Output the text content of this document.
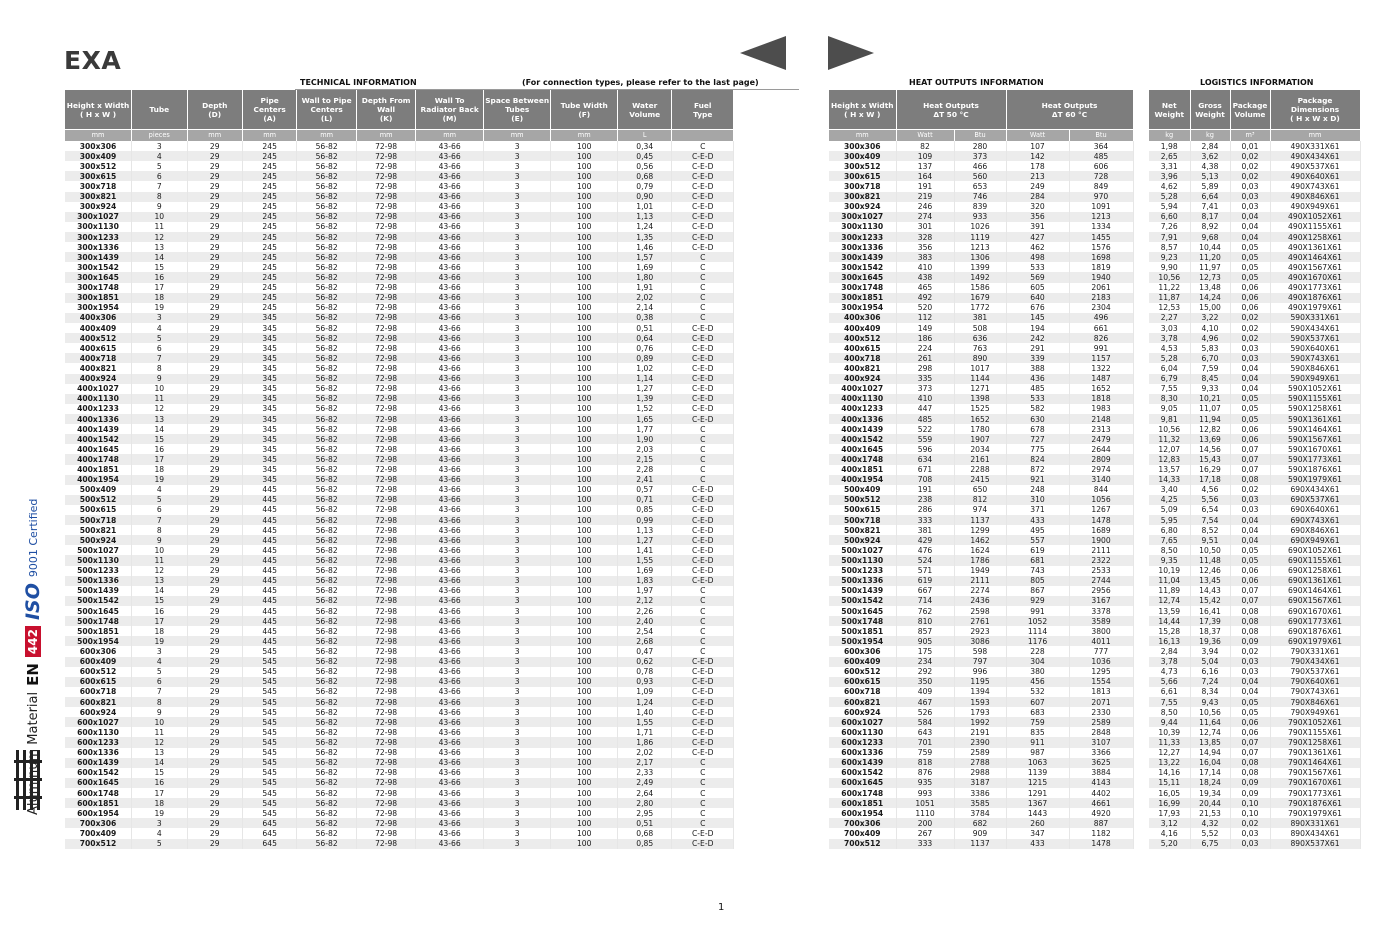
EXA
TECHNICAL INFORMATION	(For connection types, please refer to the last page)	HEAT OUTPUTS INFORMATION	LOGISTICS INFORMATION
Height x Width
( H x W )	Tube	Depth
(D)	Pipe
Centers
(A)	Wall to Pipe
Centers
(L)	Depth From
Wall
(K)	Wall To
Radiator Back
(M)	Space Between
Tubes
(E)	Tube Width
(F)	Water
Volume	Fuel
Type
mm	pieces	mm	mm	mm	mm	mm	mm	mm	L	
300x306	3	29	245	56-82	72-98	43-66	3	100	0,34	C
300x409	4	29	245	56-82	72-98	43-66	3	100	0,45	C-E-D
300x512	5	29	245	56-82	72-98	43-66	3	100	0,56	C-E-D
300x615	6	29	245	56-82	72-98	43-66	3	100	0,68	C-E-D
300x718	7	29	245	56-82	72-98	43-66	3	100	0,79	C-E-D
300x821	8	29	245	56-82	72-98	43-66	3	100	0,90	C-E-D
300x924	9	29	245	56-82	72-98	43-66	3	100	1,01	C-E-D
300x1027	10	29	245	56-82	72-98	43-66	3	100	1,13	C-E-D
300x1130	11	29	245	56-82	72-98	43-66	3	100	1,24	C-E-D
300x1233	12	29	245	56-82	72-98	43-66	3	100	1,35	C-E-D
300x1336	13	29	245	56-82	72-98	43-66	3	100	1,46	C-E-D
300x1439	14	29	245	56-82	72-98	43-66	3	100	1,57	C
300x1542	15	29	245	56-82	72-98	43-66	3	100	1,69	C
300x1645	16	29	245	56-82	72-98	43-66	3	100	1,80	C
300x1748	17	29	245	56-82	72-98	43-66	3	100	1,91	C
300x1851	18	29	245	56-82	72-98	43-66	3	100	2,02	C
300x1954	19	29	245	56-82	72-98	43-66	3	100	2,14	C
400x306	3	29	345	56-82	72-98	43-66	3	100	0,38	C
400x409	4	29	345	56-82	72-98	43-66	3	100	0,51	C-E-D
400x512	5	29	345	56-82	72-98	43-66	3	100	0,64	C-E-D
400x615	6	29	345	56-82	72-98	43-66	3	100	0,76	C-E-D
400x718	7	29	345	56-82	72-98	43-66	3	100	0,89	C-E-D
400x821	8	29	345	56-82	72-98	43-66	3	100	1,02	C-E-D
400x924	9	29	345	56-82	72-98	43-66	3	100	1,14	C-E-D
400x1027	10	29	345	56-82	72-98	43-66	3	100	1,27	C-E-D
400x1130	11	29	345	56-82	72-98	43-66	3	100	1,39	C-E-D
400x1233	12	29	345	56-82	72-98	43-66	3	100	1,52	C-E-D
400x1336	13	29	345	56-82	72-98	43-66	3	100	1,65	C-E-D
400x1439	14	29	345	56-82	72-98	43-66	3	100	1,77	C
400x1542	15	29	345	56-82	72-98	43-66	3	100	1,90	C
400x1645	16	29	345	56-82	72-98	43-66	3	100	2,03	C
400x1748	17	29	345	56-82	72-98	43-66	3	100	2,15	C
400x1851	18	29	345	56-82	72-98	43-66	3	100	2,28	C
400x1954	19	29	345	56-82	72-98	43-66	3	100	2,41	C
500x409	4	29	445	56-82	72-98	43-66	3	100	0,57	C-E-D
500x512	5	29	445	56-82	72-98	43-66	3	100	0,71	C-E-D
500x615	6	29	445	56-82	72-98	43-66	3	100	0,85	C-E-D
500x718	7	29	445	56-82	72-98	43-66	3	100	0,99	C-E-D
500x821	8	29	445	56-82	72-98	43-66	3	100	1,13	C-E-D
500x924	9	29	445	56-82	72-98	43-66	3	100	1,27	C-E-D
500x1027	10	29	445	56-82	72-98	43-66	3	100	1,41	C-E-D
500x1130	11	29	445	56-82	72-98	43-66	3	100	1,55	C-E-D
500x1233	12	29	445	56-82	72-98	43-66	3	100	1,69	C-E-D
500x1336	13	29	445	56-82	72-98	43-66	3	100	1,83	C-E-D
500x1439	14	29	445	56-82	72-98	43-66	3	100	1,97	C
500x1542	15	29	445	56-82	72-98	43-66	3	100	2,12	C
500x1645	16	29	445	56-82	72-98	43-66	3	100	2,26	C
500x1748	17	29	445	56-82	72-98	43-66	3	100	2,40	C
500x1851	18	29	445	56-82	72-98	43-66	3	100	2,54	C
500x1954	19	29	445	56-82	72-98	43-66	3	100	2,68	C
600x306	3	29	545	56-82	72-98	43-66	3	100	0,47	C
600x409	4	29	545	56-82	72-98	43-66	3	100	0,62	C-E-D
600x512	5	29	545	56-82	72-98	43-66	3	100	0,78	C-E-D
600x615	6	29	545	56-82	72-98	43-66	3	100	0,93	C-E-D
600x718	7	29	545	56-82	72-98	43-66	3	100	1,09	C-E-D
600x821	8	29	545	56-82	72-98	43-66	3	100	1,24	C-E-D
600x924	9	29	545	56-82	72-98	43-66	3	100	1,40	C-E-D
600x1027	10	29	545	56-82	72-98	43-66	3	100	1,55	C-E-D
600x1130	11	29	545	56-82	72-98	43-66	3	100	1,71	C-E-D
600x1233	12	29	545	56-82	72-98	43-66	3	100	1,86	C-E-D
600x1336	13	29	545	56-82	72-98	43-66	3	100	2,02	C-E-D
600x1439	14	29	545	56-82	72-98	43-66	3	100	2,17	C
600x1542	15	29	545	56-82	72-98	43-66	3	100	2,33	C
600x1645	16	29	545	56-82	72-98	43-66	3	100	2,49	C
600x1748	17	29	545	56-82	72-98	43-66	3	100	2,64	C
600x1851	18	29	545	56-82	72-98	43-66	3	100	2,80	C
600x1954	19	29	545	56-82	72-98	43-66	3	100	2,95	C
700x306	3	29	645	56-82	72-98	43-66	3	100	0,51	C
700x409	4	29	645	56-82	72-98	43-66	3	100	0,68	C-E-D
700x512	5	29	645	56-82	72-98	43-66	3	100	0,85	C-E-D
Height x Width
( H x W )	Heat Outputs
ΔT 50 °C		Heat Outputs
ΔT 60 °C	
mm	Watt	Btu	Watt	Btu
300x306	82	280	107	364
300x409	109	373	142	485
300x512	137	466	178	606
300x615	164	560	213	728
300x718	191	653	249	849
300x821	219	746	284	970
300x924	246	839	320	1091
300x1027	274	933	356	1213
300x1130	301	1026	391	1334
300x1233	328	1119	427	1455
300x1336	356	1213	462	1576
300x1439	383	1306	498	1698
300x1542	410	1399	533	1819
300x1645	438	1492	569	1940
300x1748	465	1586	605	2061
300x1851	492	1679	640	2183
300x1954	520	1772	676	2304
400x306	112	381	145	496
400x409	149	508	194	661
400x512	186	636	242	826
400x615	224	763	291	991
400x718	261	890	339	1157
400x821	298	1017	388	1322
400x924	335	1144	436	1487
400x1027	373	1271	485	1652
400x1130	410	1398	533	1818
400x1233	447	1525	582	1983
400x1336	485	1652	630	2148
400x1439	522	1780	678	2313
400x1542	559	1907	727	2479
400x1645	596	2034	775	2644
400x1748	634	2161	824	2809
400x1851	671	2288	872	2974
400x1954	708	2415	921	3140
500x409	191	650	248	844
500x512	238	812	310	1056
500x615	286	974	371	1267
500x718	333	1137	433	1478
500x821	381	1299	495	1689
500x924	429	1462	557	1900
500x1027	476	1624	619	2111
500x1130	524	1786	681	2322
500x1233	571	1949	743	2533
500x1336	619	2111	805	2744
500x1439	667	2274	867	2956
500x1542	714	2436	929	3167
500x1645	762	2598	991	3378
500x1748	810	2761	1052	3589
500x1851	857	2923	1114	3800
500x1954	905	3086	1176	4011
600x306	175	598	228	777
600x409	234	797	304	1036
600x512	292	996	380	1295
600x615	350	1195	456	1554
600x718	409	1394	532	1813
600x821	467	1593	607	2071
600x924	526	1793	683	2330
600x1027	584	1992	759	2589
600x1130	643	2191	835	2848
600x1233	701	2390	911	3107
600x1336	759	2589	987	3366
600x1439	818	2788	1063	3625
600x1542	876	2988	1139	3884
600x1645	935	3187	1215	4143
600x1748	993	3386	1291	4402
600x1851	1051	3585	1367	4661
600x1954	1110	3784	1443	4920
700x306	200	682	260	887
700x409	267	909	347	1182
700x512	333	1137	433	1478
Net
Weight	Gross
Weight	Package
Volume	Package
Dimensions
( H x W x D)
kg	kg	m³	mm
1,98	2,84	0,01	490X331X61
2,65	3,62	0,02	490X434X61
3,31	4,38	0,02	490X537X61
3,96	5,13	0,02	490X640X61
4,62	5,89	0,03	490X743X61
5,28	6,64	0,03	490X846X61
5,94	7,41	0,03	490X949X61
6,60	8,17	0,04	490X1052X61
7,26	8,92	0,04	490X1155X61
7,91	9,68	0,04	490X1258X61
8,57	10,44	0,05	490X1361X61
9,23	11,20	0,05	490X1464X61
9,90	11,97	0,05	490X1567X61
10,56	12,73	0,05	490X1670X61
11,22	13,48	0,06	490X1773X61
11,87	14,24	0,06	490X1876X61
12,53	15,00	0,06	490X1979X61
2,27	3,22	0,02	590X331X61
3,03	4,10	0,02	590X434X61
3,78	4,96	0,02	590X537X61
4,53	5,83	0,03	590X640X61
5,28	6,70	0,03	590X743X61
6,04	7,59	0,04	590X846X61
6,79	8,45	0,04	590X949X61
7,55	9,33	0,04	590X1052X61
8,30	10,21	0,05	590X1155X61
9,05	11,07	0,05	590X1258X61
9,81	11,94	0,05	590X1361X61
10,56	12,82	0,06	590X1464X61
11,32	13,69	0,06	590X1567X61
12,07	14,56	0,07	590X1670X61
12,83	15,43	0,07	590X1773X61
13,57	16,29	0,07	590X1876X61
14,33	17,18	0,08	590X1979X61
3,40	4,56	0,02	690X434X61
4,25	5,56	0,03	690X537X61
5,09	6,54	0,03	690X640X61
5,95	7,54	0,04	690X743X61
6,80	8,52	0,04	690X846X61
7,65	9,51	0,04	690X949X61
8,50	10,50	0,05	690X1052X61
9,35	11,48	0,05	690X1155X61
10,19	12,46	0,06	690X1258X61
11,04	13,45	0,06	690X1361X61
11,89	14,43	0,07	690X1464X61
12,74	15,42	0,07	690X1567X61
13,59	16,41	0,08	690X1670X61
14,44	17,39	0,08	690X1773X61
15,28	18,37	0,08	690X1876X61
16,13	19,36	0,09	690X1979X61
2,84	3,94	0,02	790X331X61
3,78	5,04	0,03	790X434X61
4,73	6,16	0,03	790X537X61
5,66	7,24	0,04	790X640X61
6,61	8,34	0,04	790X743X61
7,55	9,43	0,05	790X846X61
8,50	10,56	0,05	790X949X61
9,44	11,64	0,06	790X1052X61
10,39	12,74	0,06	790X1155X61
11,33	13,85	0,07	790X1258X61
12,27	14,94	0,07	790X1361X61
13,22	16,04	0,08	790X1464X61
14,16	17,14	0,08	790X1567X61
15,11	18,24	0,09	790X1670X61
16,05	19,34	0,09	790X1773X61
16,99	20,44	0,10	790X1876X61
17,93	21,53	0,10	790X1979X61
3,12	4,32	0,02	890X331X61
4,16	5,52	0,03	890X434X61
5,20	6,75	0,03	890X537X61
Aluminum Material
EN
442
ISO
9001 Certified
1
